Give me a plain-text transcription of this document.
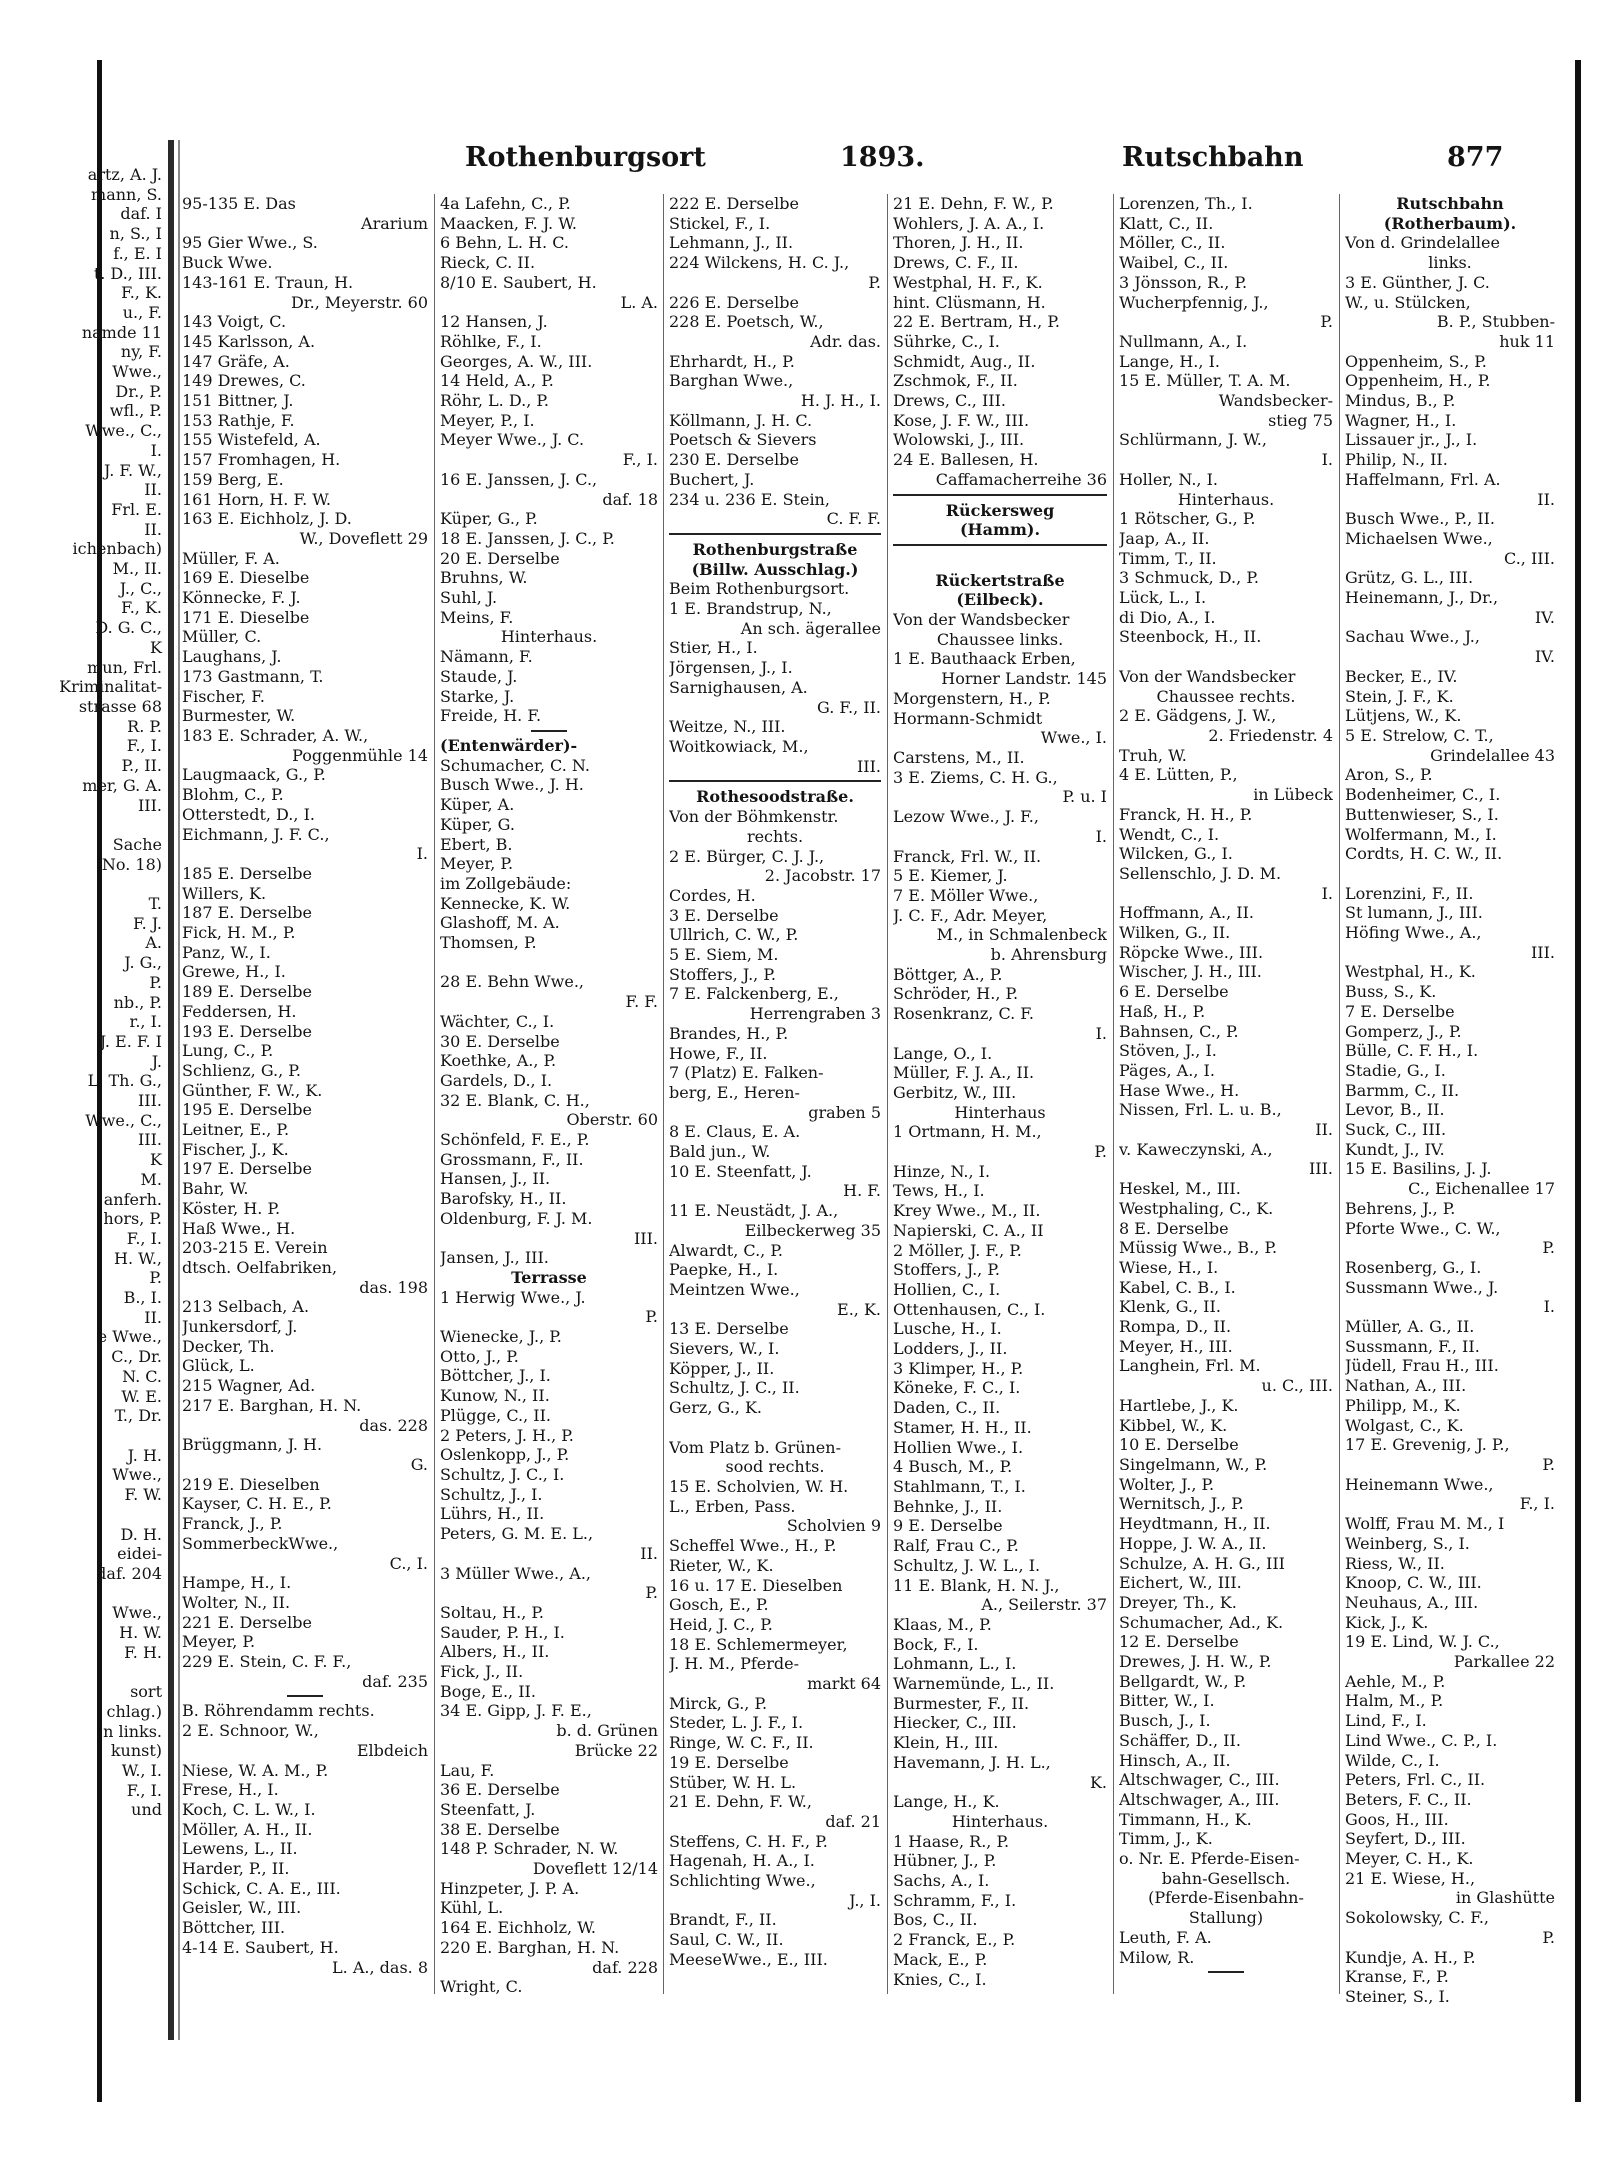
artz, A. J.
mann, S.
daf. I
n, S., I
f., E. I
t. D., III.
F., K.
u., F.
namde 11
ny, F.
Wwe.,
Dr., P.
wfl., P.
Wwe., C.,
I.
J. F. W.,
II.
Frl. E.
II.
ichenbach)
M., II.
J., C.,
F., K.
D. G. C.,
K
mun, Frl.
Kriminalitat-
strasse 68
R. P.
F., I.
P., II.
mer, G. A.
III.

Sache
No. 18)

T.
F. J.
A.
J. G.,
P.
nb., P.
r., I.
J. E. F. I
J.
L. Th. G.,
III.
Wwe., C.,
III.
K
M.
anferh.
hors, P.
F., I.
H. W.,
P.
B., I.
II.
e Wwe.,
C., Dr.
N. C.
W. E.
T., Dr.

J. H.
Wwe.,
F. W.

D. H.
eidei-
daf. 204

Wwe.,
H. W.
F. H.

sort
chlag.)
n links.
kunst)
W., I.
F., I.
und
Rothenburgsort	1893.	Rutschbahn	877
95-135 E. Das
Ararium
95 Gier Wwe., S.
Buck Wwe.
143-161 E. Traun, H.
Dr., Meyerstr. 60
143 Voigt, C.
145 Karlsson, A.
147 Gräfe, A.
149 Drewes, C.
151 Bittner, J.
153 Rathje, F.
155 Wistefeld, A.
157 Fromhagen, H.
159 Berg, E.
161 Horn, H. F. W.
163 E. Eichholz, J. D.
W., Doveflett 29
Müller, F. A.
169 E. Dieselbe
Könnecke, F. J.
171 E. Dieselbe
Müller, C.
Laughans, J.
173 Gastmann, T.
Fischer, F.
Burmester, W.
183 E. Schrader, A. W.,
Poggenmühle 14
Laugmaack, G., P.
Blohm, C., P.
Otterstedt, D., I.
Eichmann, J. F. C.,
I.
185 E. Derselbe
Willers, K.
187 E. Derselbe
Fick, H. M., P.
Panz, W., I.
Grewe, H., I.
189 E. Derselbe
Feddersen, H.
193 E. Derselbe
Lung, C., P.
Schlienz, G., P.
Günther, F. W., K.
195 E. Derselbe
Leitner, E., P.
Fischer, J., K.
197 E. Derselbe
Bahr, W.
Köster, H. P.
Haß Wwe., H.
203-215 E. Verein
dtsch. Oelfabriken,
das. 198
213 Selbach, A.
Junkersdorf, J.
Decker, Th.
Glück, L.
215 Wagner, Ad.
217 E. Barghan, H. N.
das. 228
Brüggmann, J. H.
G.
219 E. Dieselben
Kayser, C. H. E., P.
Franck, J., P.
SommerbeckWwe.,
C., I.
Hampe, H., I.
Wolter, N., II.
221 E. Derselbe
Meyer, P.
229 E. Stein, C. F. F.,
daf. 235
B. Röhrendamm rechts.
2 E. Schnoor, W.,
Elbdeich
Niese, W. A. M., P.
Frese, H., I.
Koch, C. L. W., I.
Möller, A. H., II.
Lewens, L., II.
Harder, P., II.
Schick, C. A. E., III.
Geisler, W., III.
Böttcher, III.
4-14 E. Saubert, H.
L. A., das. 8
4a Lafehn, C., P.
Maacken, F. J. W.
6 Behn, L. H. C.
Rieck, C. II.
8/10 E. Saubert, H.
L. A.
12 Hansen, J.
Röhlke, F., I.
Georges, A. W., III.
14 Held, A., P.
Röhr, L. D., P.
Meyer, P., I.
Meyer Wwe., J. C.
F., I.
16 E. Janssen, J. C.,
daf. 18
Küper, G., P.
18 E. Janssen, J. C., P.
20 E. Derselbe
Bruhns, W.
Suhl, J.
Meins, F.
Hinterhaus.
Nämann, F.
Staude, J.
Starke, J.
Freide, H. F.
(Entenwärder)-
Schumacher, C. N.
Busch Wwe., J. H.
Küper, A.
Küper, G.
Ebert, B.
Meyer, P.
im Zollgebäude:
Kennecke, K. W.
Glashoff, M. A.
Thomsen, P.

28 E. Behn Wwe.,
F. F.
Wächter, C., I.
30 E. Derselbe
Koethke, A., P.
Gardels, D., I.
32 E. Blank, C. H.,
Oberstr. 60
Schönfeld, F. E., P.
Grossmann, F., II.
Hansen, J., II.
Barofsky, H., II.
Oldenburg, F. J. M.
III.
Jansen, J., III.
Terrasse
1 Herwig Wwe., J.
P.
Wienecke, J., P.
Otto, J., P.
Böttcher, J., I.
Kunow, N., II.
Plügge, C., II.
2 Peters, J. H., P.
Oslenkopp, J., P.
Schultz, J. C., I.
Schultz, J., I.
Lührs, H., II.
Peters, G. M. E. L.,
II.
3 Müller Wwe., A.,
P.
Soltau, H., P.
Sauder, P. H., I.
Albers, H., II.
Fick, J., II.
Boge, E., II.
34 E. Gipp, J. F. E.,
b. d. Grünen
Brücke 22
Lau, F.
36 E. Derselbe
Steenfatt, J.
38 E. Derselbe
148 P. Schrader, N. W.
Doveflett 12/14
Hinzpeter, J. P. A.
Kühl, L.
164 E. Eichholz, W.
220 E. Barghan, H. N.
daf. 228
Wright, C.
222 E. Derselbe
Stickel, F., I.
Lehmann, J., II.
224 Wilckens, H. C. J.,
P.
226 E. Derselbe
228 E. Poetsch, W.,
Adr. das.
Ehrhardt, H., P.
Barghan Wwe.,
H. J. H., I.
Köllmann, J. H. C.
Poetsch & Sievers
230 E. Derselbe
Buchert, J.
234 u. 236 E. Stein,
C. F. F.
Rothenburgstraße
(Billw. Ausschlag.)
Beim Rothenburgsort.
1 E. Brandstrup, N.,
An sch. ägerallee
Stier, H., I.
Jörgensen, J., I.
Sarnighausen, A.
G. F., II.
Weitze, N., III.
Woitkowiack, M.,
III.
Rothesoodstraße.
Von der Böhmkenstr.
rechts.
2 E. Bürger, C. J. J.,
2. Jacobstr. 17
Cordes, H.
3 E. Derselbe
Ullrich, C. W., P.
5 E. Siem, M.
Stoffers, J., P.
7 E. Falckenberg, E.,
Herrengraben 3
Brandes, H., P.
Howe, F., II.
7 (Platz) E. Falken-
berg, E., Heren-
graben 5
8 E. Claus, E. A.
Bald jun., W.
10 E. Steenfatt, J.
H. F.
11 E. Neustädt, J. A.,
Eilbeckerweg 35
Alwardt, C., P.
Paepke, H., I.
Meintzen Wwe.,
E., K.
13 E. Derselbe
Sievers, W., I.
Köpper, J., II.
Schultz, J. C., II.
Gerz, G., K.

Vom Platz b. Grünen-
sood rechts.
15 E. Scholvien, W. H.
L., Erben, Pass.
Scholvien 9
Scheffel Wwe., H., P.
Rieter, W., K.
16 u. 17 E. Dieselben
Gosch, E., P.
Heid, J. C., P.
18 E. Schlemermeyer,
J. H. M., Pferde-
markt 64
Mirck, G., P.
Steder, L. J. F., I.
Ringe, W. C. F., II.
19 E. Derselbe
Stüber, W. H. L.
21 E. Dehn, F. W.,
daf. 21
Steffens, C. H. F., P.
Hagenah, H. A., I.
Schlichting Wwe.,
J., I.
Brandt, F., II.
Saul, C. W., II.
MeeseWwe., E., III.
21 E. Dehn, F. W., P.
Wohlers, J. A. A., I.
Thoren, J. H., II.
Drews, C. F., II.
Westphal, H. F., K.
hint. Clüsmann, H.
22 E. Bertram, H., P.
Sührke, C., I.
Schmidt, Aug., II.
Zschmok, F., II.
Drews, C., III.
Kose, J. F. W., III.
Wolowski, J., III.
24 E. Ballesen, H.
Caffamacherreihe 36
Rückersweg
(Hamm).

Rückertstraße
(Eilbeck).
Von der Wandsbecker
Chaussee links.
1 E. Bauthaack Erben,
Horner Landstr. 145
Morgenstern, H., P.
Hormann-Schmidt
Wwe., I.
Carstens, M., II.
3 E. Ziems, C. H. G.,
P. u. I
Lezow Wwe., J. F.,
I.
Franck, Frl. W., II.
5 E. Kiemer, J.
7 E. Möller Wwe.,
J. C. F., Adr. Meyer,
M., in Schmalenbeck
b. Ahrensburg
Böttger, A., P.
Schröder, H., P.
Rosenkranz, C. F.
I.
Lange, O., I.
Müller, F. J. A., II.
Gerbitz, W., III.
Hinterhaus
1 Ortmann, H. M.,
P.
Hinze, N., I.
Tews, H., I.
Krey Wwe., M., II.
Napierski, C. A., II
2 Möller, J. F., P.
Stoffers, J., P.
Hollien, C., I.
Ottenhausen, C., I.
Lusche, H., I.
Lodders, J., II.
3 Klimper, H., P.
Köneke, F. C., I.
Daden, C., II.
Stamer, H. H., II.
Hollien Wwe., I.
4 Busch, M., P.
Stahlmann, T., I.
Behnke, J., II.
9 E. Derselbe
Ralf, Frau C., P.
Schultz, J. W. L., I.
11 E. Blank, H. N. J.,
A., Seilerstr. 37
Klaas, M., P.
Bock, F., I.
Lohmann, L., I.
Warnemünde, L., II.
Burmester, F., II.
Hiecker, C., III.
Klein, H., III.
Havemann, J. H. L.,
K.
Lange, H., K.
Hinterhaus.
1 Haase, R., P.
Hübner, J., P.
Sachs, A., I.
Schramm, F., I.
Bos, C., II.
2 Franck, E., P.
Mack, E., P.
Knies, C., I.
Lorenzen, Th., I.
Klatt, C., II.
Möller, C., II.
Waibel, C., II.
3 Jönsson, R., P.
Wucherpfennig, J.,
P.
Nullmann, A., I.
Lange, H., I.
15 E. Müller, T. A. M.
Wandsbecker-
stieg 75
Schlürmann, J. W.,
I.
Holler, N., I.
Hinterhaus.
1 Rötscher, G., P.
Jaap, A., II.
Timm, T., II.
3 Schmuck, D., P.
Lück, L., I.
di Dio, A., I.
Steenbock, H., II.

Von der Wandsbecker
Chaussee rechts.
2 E. Gädgens, J. W.,
2. Friedenstr. 4
Truh, W.
4 E. Lütten, P.,
in Lübeck
Franck, H. H., P.
Wendt, C., I.
Wilcken, G., I.
Sellenschlo, J. D. M.
I.
Hoffmann, A., II.
Wilken, G., II.
Röpcke Wwe., III.
Wischer, J. H., III.
6 E. Derselbe
Haß, H., P.
Bahnsen, C., P.
Stöven, J., I.
Päges, A., I.
Hase Wwe., H.
Nissen, Frl. L. u. B.,
II.
v. Kaweczynski, A.,
III.
Heskel, M., III.
Westphaling, C., K.
8 E. Derselbe
Müssig Wwe., B., P.
Wiese, H., I.
Kabel, C. B., I.
Klenk, G., II.
Rompa, D., II.
Meyer, H., III.
Langhein, Frl. M.
u. C., III.
Hartlebe, J., K.
Kibbel, W., K.
10 E. Derselbe
Singelmann, W., P.
Wolter, J., P.
Wernitsch, J., P.
Heydtmann, H., II.
Hoppe, J. W. A., II.
Schulze, A. H. G., III
Eichert, W., III.
Dreyer, Th., K.
Schumacher, Ad., K.
12 E. Derselbe
Drewes, J. H. W., P.
Bellgardt, W., P.
Bitter, W., I.
Busch, J., I.
Schäffer, D., II.
Hinsch, A., II.
Altschwager, C., III.
Altschwager, A., III.
Timmann, H., K.
Timm, J., K.
o. Nr. E. Pferde-Eisen-
bahn-Gesellsch.
(Pferde-Eisenbahn-
Stallung)
Leuth, F. A.
Milow, R.
Rutschbahn
(Rotherbaum).
Von d. Grindelallee
links.
3 E. Günther, J. C.
W., u. Stülcken,
B. P., Stubben-
huk 11
Oppenheim, S., P.
Oppenheim, H., P.
Mindus, B., P.
Wagner, H., I.
Lissauer jr., J., I.
Philip, N., II.
Haffelmann, Frl. A.
II.
Busch Wwe., P., II.
Michaelsen Wwe.,
C., III.
Grütz, G. L., III.
Heinemann, J., Dr.,
IV.
Sachau Wwe., J.,
IV.
Becker, E., IV.
Stein, J. F., K.
Lütjens, W., K.
5 E. Strelow, C. T.,
Grindelallee 43
Aron, S., P.
Bodenheimer, C., I.
Buttenwieser, S., I.
Wolfermann, M., I.
Cordts, H. C. W., II.

Lorenzini, F., II.
St lumann, J., III.
Höfing Wwe., A.,
III.
Westphal, H., K.
Buss, S., K.
7 E. Derselbe
Gomperz, J., P.
Bülle, C. F. H., I.
Stadie, G., I.
Barmm, C., II.
Levor, B., II.
Suck, C., III.
Kundt, J., IV.
15 E. Basilins, J. J.
C., Eichenallee 17
Behrens, J., P.
Pforte Wwe., C. W.,
P.
Rosenberg, G., I.
Sussmann Wwe., J.
I.
Müller, A. G., II.
Sussmann, F., II.
Jüdell, Frau H., III.
Nathan, A., III.
Philipp, M., K.
Wolgast, C., K.
17 E. Grevenig, J. P.,
P.
Heinemann Wwe.,
F., I.
Wolff, Frau M. M., I
Weinberg, S., I.
Riess, W., II.
Knoop, C. W., III.
Neuhaus, A., III.
Kick, J., K.
19 E. Lind, W. J. C.,
Parkallee 22
Aehle, M., P.
Halm, M., P.
Lind, F., I.
Lind Wwe., C. P., I.
Wilde, C., I.
Peters, Frl. C., II.
Beters, F. C., II.
Goos, H., III.
Seyfert, D., III.
Meyer, C. H., K.
21 E. Wiese, H.,
in Glashütte
Sokolowsky, C. F.,
P.
Kundje, A. H., P.
Kranse, F., P.
Steiner, S., I.
